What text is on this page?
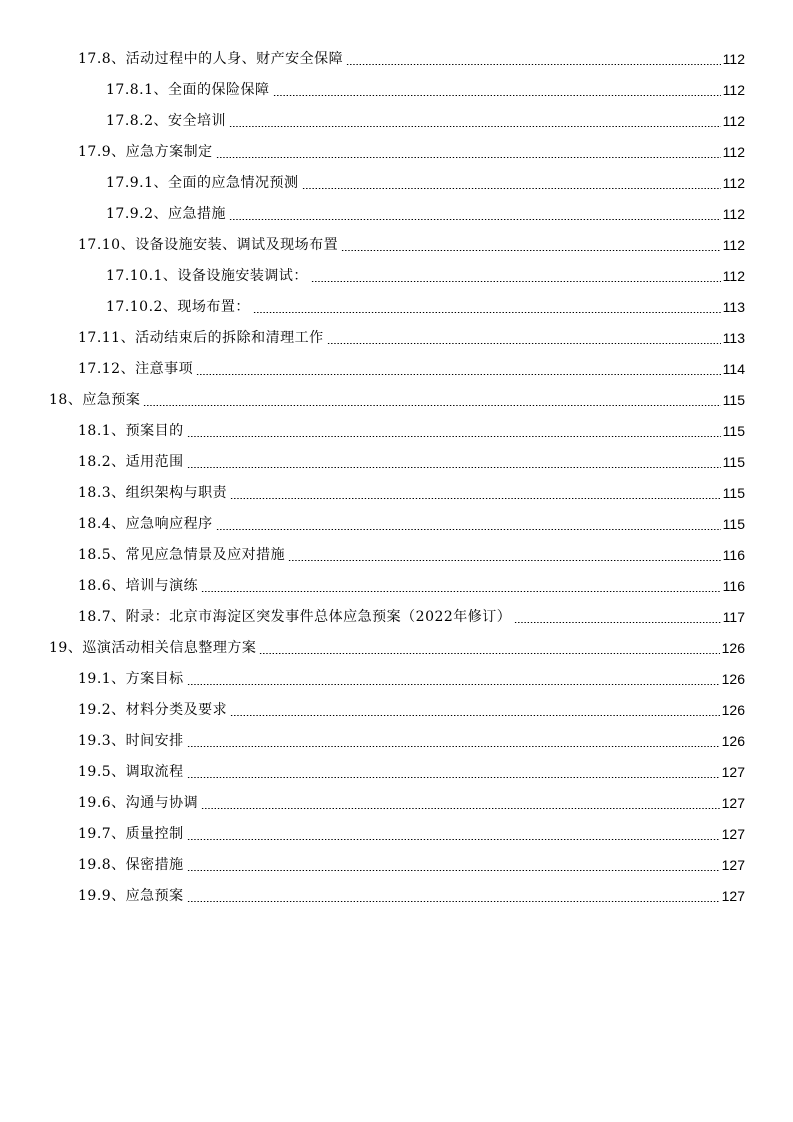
17.8、活动过程中的人身、财产安全保障	112
17.8.1、全面的保险保障	112
17.8.2、安全培训	112
17.9、应急方案制定	112
17.9.1、全面的应急情况预测	112
17.9.2、应急措施	112
17.10、设备设施安装、调试及现场布置	112
17.10.1、设备设施安装调试：	112
17.10.2、现场布置：	113
17.11、活动结束后的拆除和清理工作	113
17.12、注意事项	114
18、应急预案	115
18.1、预案目的	115
18.2、适用范围	115
18.3、组织架构与职责	115
18.4、应急响应程序	115
18.5、常见应急情景及应对措施	116
18.6、培训与演练	116
18.7、附录：北京市海淀区突发事件总体应急预案（2022年修订）	117
19、巡演活动相关信息整理方案	126
19.1、方案目标	126
19.2、材料分类及要求	126
19.3、时间安排	126
19.5、调取流程	127
19.6、沟通与协调	127
19.7、质量控制	127
19.8、保密措施	127
19.9、应急预案	127
